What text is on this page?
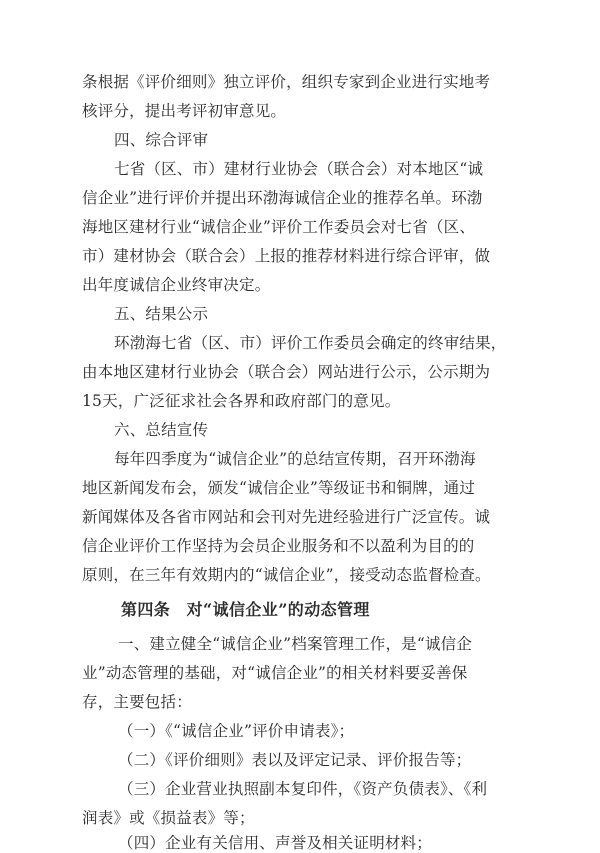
条根据《评价细则》独立评价，组织专家到企业进行实地考
核评分，提出考评初审意见。
四、综合评审
七省（区、市）建材行业协会（联合会）对本地区“诚
信企业”进行评价并提出环渤海诚信企业的推荐名单。环渤
海地区建材行业“诚信企业”评价工作委员会对七省（区、
市）建材协会（联合会）上报的推荐材料进行综合评审，做
出年度诚信企业终审决定。
五、结果公示
环渤海七省（区、市）评价工作委员会确定的终审结果，
由本地区建材行业协会（联合会）网站进行公示，公示期为
15天，广泛征求社会各界和政府部门的意见。
六、总结宣传
每年四季度为“诚信企业”的总结宣传期，召开环渤海
地区新闻发布会，颁发“诚信企业”等级证书和铜牌，通过
新闻媒体及各省市网站和会刊对先进经验进行广泛宣传。诚
信企业评价工作坚持为会员企业服务和不以盈利为目的的
原则，在三年有效期内的“诚信企业”，接受动态监督检查。
第四条　对“诚信企业”的动态管理
一、建立健全“诚信企业”档案管理工作，是“诚信企
业”动态管理的基础，对“诚信企业”的相关材料要妥善保
存，主要包括：
（一）《“诚信企业”评价申请表》；
（二）《评价细则》表以及评定记录、评价报告等；
（三）企业营业执照副本复印件，《资产负债表》、《利
润表》或《损益表》等；
（四）企业有关信用、声誉及相关证明材料；
